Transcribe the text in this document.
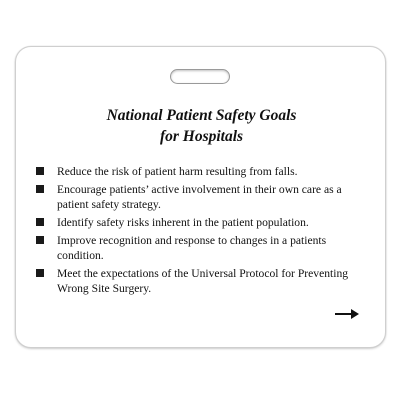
National Patient Safety Goals
for Hospitals
Reduce the risk of patient harm resulting from falls.
Encourage patients’ active involvement in their own care as a patient safety strategy.
Identify safety risks inherent in the patient population.
Improve recognition and response to changes in a patients condition.
Meet the expectations of the Universal Protocol for Preventing Wrong Site Surgery.
